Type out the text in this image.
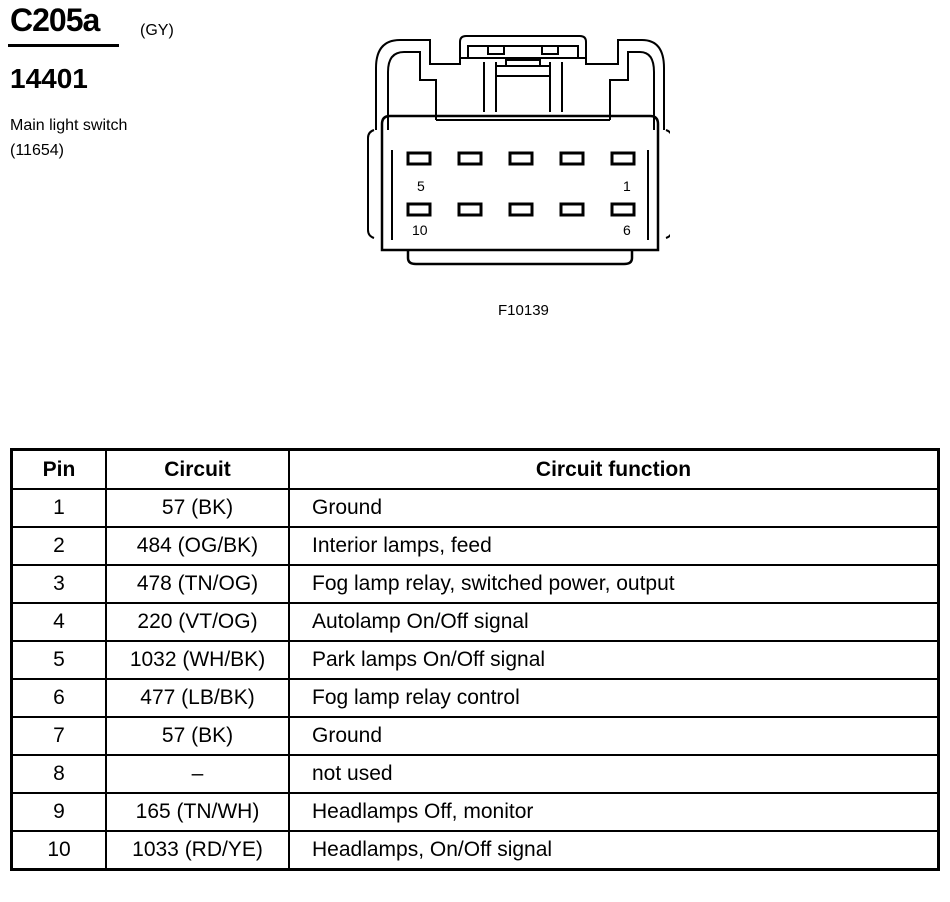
C205a	(GY)
14401
Main light switch
(11654)
5	1
10	6
F10139
Pin	Circuit	Circuit function
1	57 (BK)	Ground
2	484 (OG/BK)	Interior lamps, feed
3	478 (TN/OG)	Fog lamp relay, switched power, output
4	220 (VT/OG)	Autolamp On/Off signal
5	1032 (WH/BK)	Park lamps On/Off signal
6	477 (LB/BK)	Fog lamp relay control
7	57 (BK)	Ground
8	–	not used
9	165 (TN/WH)	Headlamps Off, monitor
10	1033 (RD/YE)	Headlamps, On/Off signal
